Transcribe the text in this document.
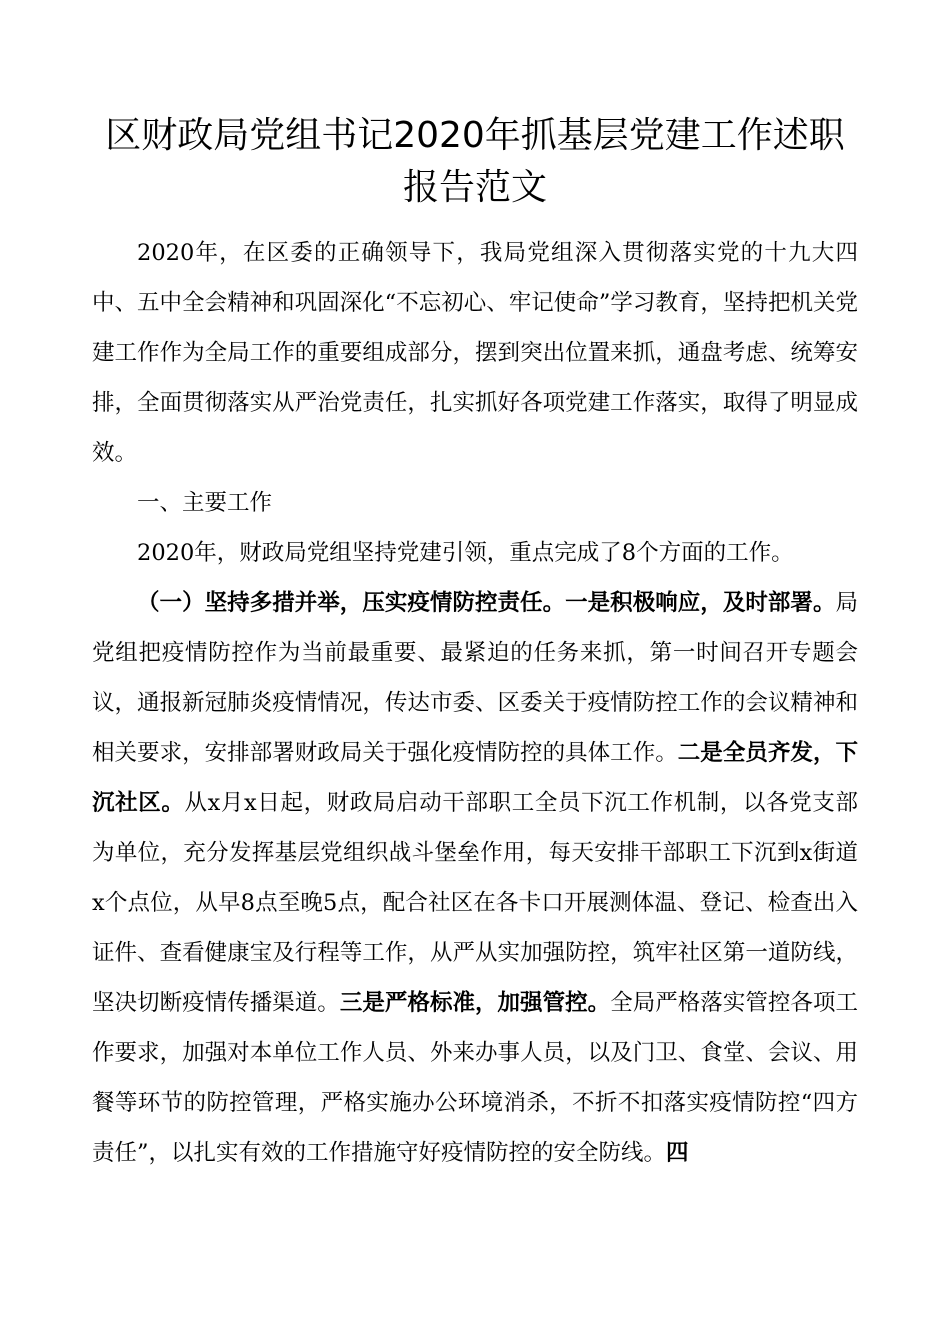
区财政局党组书记2020年抓基层党建工作述职报告范文

2020年，在区委的正确领导下，我局党组深入贯彻落实党的十九大四中、五中全会精神和巩固深化“不忘初心、牢记使命”学习教育，坚持把机关党建工作作为全局工作的重要组成部分，摆到突出位置来抓，通盘考虑、统筹安排，全面贯彻落实从严治党责任，扎实抓好各项党建工作落实，取得了明显成效。

一、主要工作

2020年，财政局党组坚持党建引领，重点完成了8个方面的工作。

（一）坚持多措并举，压实疫情防控责任。一是积极响应，及时部署。局党组把疫情防控作为当前最重要、最紧迫的任务来抓，第一时间召开专题会议，通报新冠肺炎疫情情况，传达市委、区委关于疫情防控工作的会议精神和相关要求，安排部署财政局关于强化疫情防控的具体工作。二是全员齐发，下沉社区。从x月x日起，财政局启动干部职工全员下沉工作机制，以各党支部为单位，充分发挥基层党组织战斗堡垒作用，每天安排干部职工下沉到x街道x个点位，从早8点至晚5点，配合社区在各卡口开展测体温、登记、检查出入证件、查看健康宝及行程等工作，从严从实加强防控，筑牢社区第一道防线，坚决切断疫情传播渠道。三是严格标准，加强管控。全局严格落实管控各项工作要求，加强对本单位工作人员、外来办事人员，以及门卫、食堂、会议、用餐等环节的防控管理，严格实施办公环境消杀，不折不扣落实疫情防控“四方责任”，以扎实有效的工作措施守好疫情防控的安全防线。四
